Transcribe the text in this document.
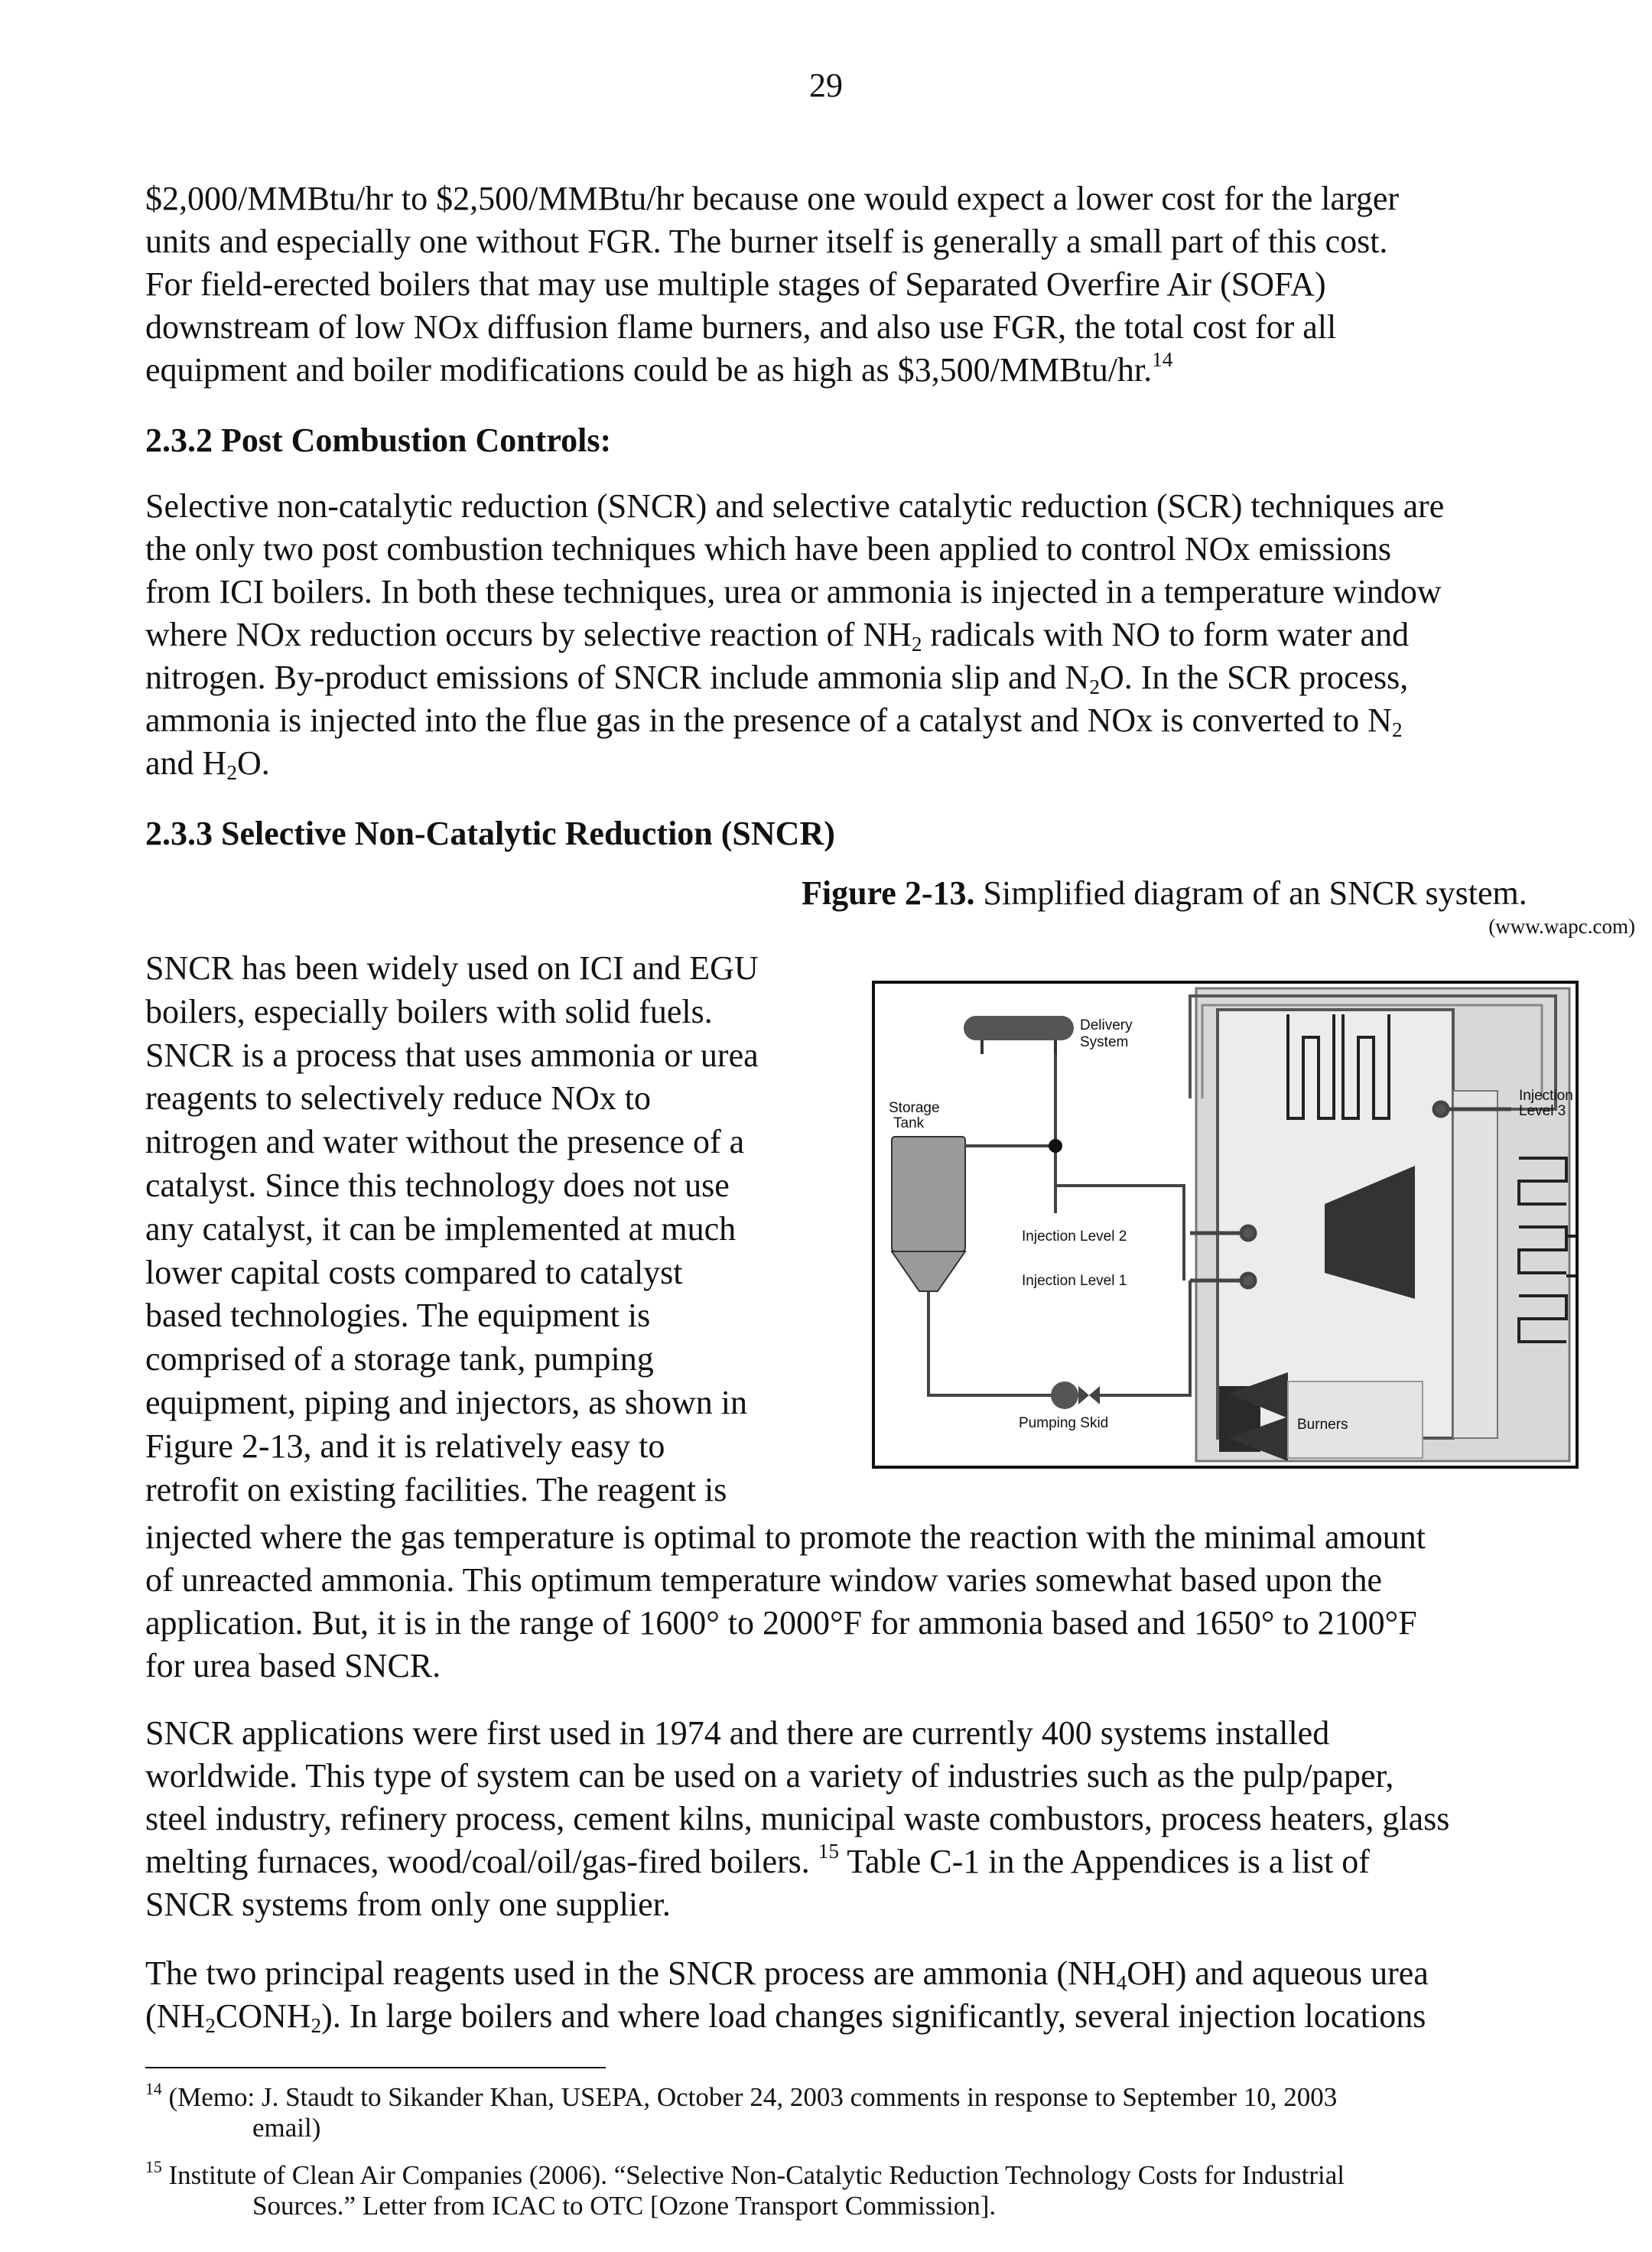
29

$2,000/MMBtu/hr to $2,500/MMBtu/hr because one would expect a lower cost for the larger
units and especially one without FGR. The burner itself is generally a small part of this cost.
For field-erected boilers that may use multiple stages of Separated Overfire Air (SOFA)
downstream of low NOx diffusion flame burners, and also use FGR, the total cost for all
equipment and boiler modifications could be as high as $3,500/MMBtu/hr.$^{14}$

2.3.2 Post Combustion Controls:

Selective non-catalytic reduction (SNCR) and selective catalytic reduction (SCR) techniques are
the only two post combustion techniques which have been applied to control NOx emissions
from ICI boilers. In both these techniques, urea or ammonia is injected in a temperature window
where NOx reduction occurs by selective reaction of $NH_2$ radicals with NO to form water and
nitrogen. By-product emissions of SNCR include ammonia slip and $N_2O$. In the SCR process,
ammonia is injected into the flue gas in the presence of a catalyst and NOx is converted to $N_2$
and $H_2O$.

2.3.3 Selective Non-Catalytic Reduction (SNCR)
Figure 2-13. Simplified diagram of an SNCR system.
(www.wapc.com)

SNCR has been widely used on ICI and EGU
boilers, especially boilers with solid fuels.
SNCR is a process that uses ammonia or urea
reagents to selectively reduce NOx to
nitrogen and water without the presence of a
catalyst. Since this technology does not use
any catalyst, it can be implemented at much
lower capital costs compared to catalyst
based technologies. The equipment is
comprised of a storage tank, pumping
equipment, piping and injectors, as shown in
Figure 2-13, and it is relatively easy to
retrofit on existing facilities. The reagent is

Delivery
System
Storage
Tank
Injection Level 2
Injection Level 1
Injection
Level 3
Pumping Skid	Burners

injected where the gas temperature is optimal to promote the reaction with the minimal amount
of unreacted ammonia. This optimum temperature window varies somewhat based upon the
application. But, it is in the range of 1600° to 2000°F for ammonia based and 1650° to 2100°F
for urea based SNCR.

SNCR applications were first used in 1974 and there are currently 400 systems installed
worldwide. This type of system can be used on a variety of industries such as the pulp/paper,
steel industry, refinery process, cement kilns, municipal waste combustors, process heaters, glass
melting furnaces, wood/coal/oil/gas-fired boilers. $^{15}$ Table C-1 in the Appendices is a list of
SNCR systems from only one supplier.

The two principal reagents used in the SNCR process are ammonia $(NH_4OH)$ and aqueous urea
$(NH_2CONH_2)$. In large boilers and where load changes significantly, several injection locations

$^{14}$ (Memo: J. Staudt to Sikander Khan, USEPA, October 24, 2003 comments in response to September 10, 2003
email)
$^{15}$ Institute of Clean Air Companies (2006). “Selective Non-Catalytic Reduction Technology Costs for Industrial
Sources.” Letter from ICAC to OTC [Ozone Transport Commission].
